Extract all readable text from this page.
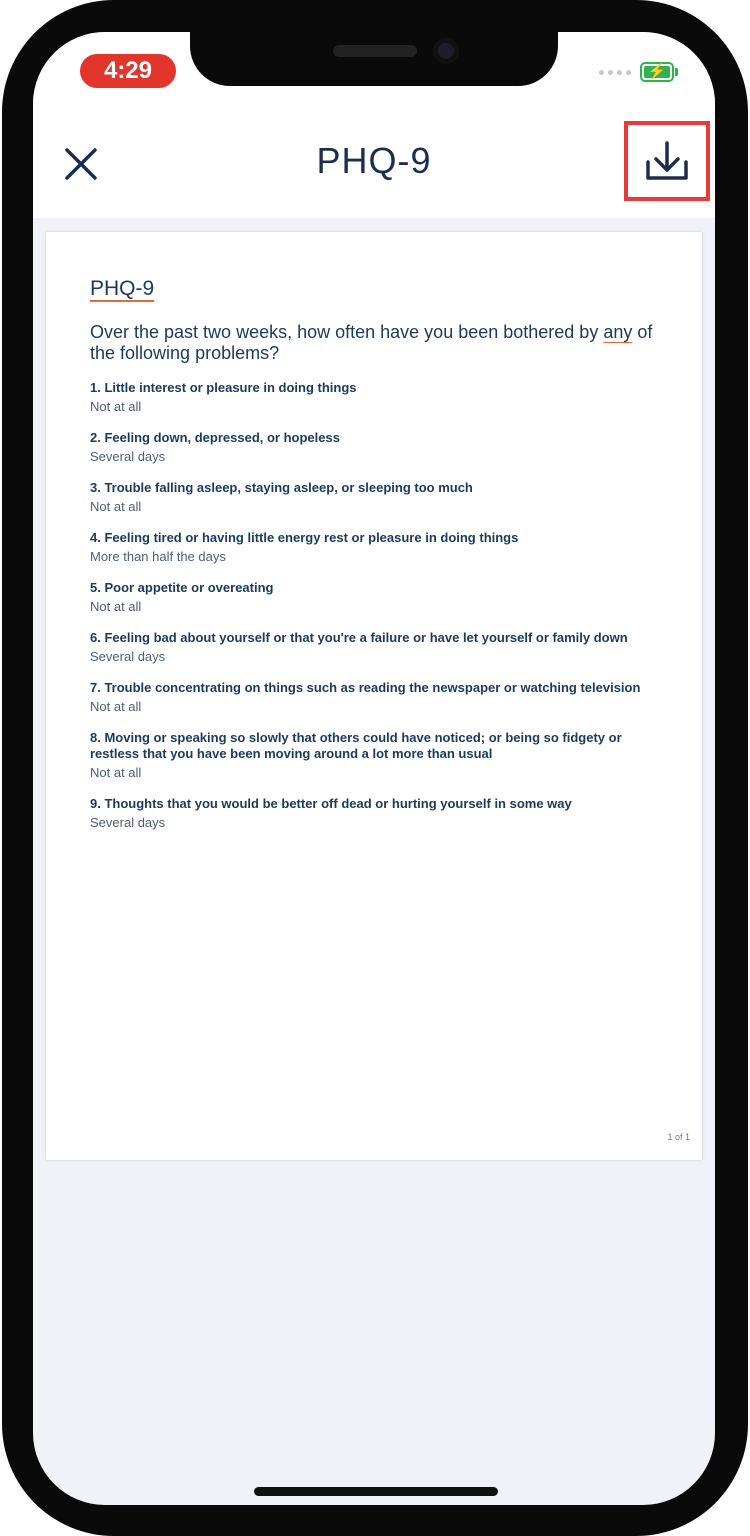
PHQ-9
4:29	⚡
PHQ-9
Over the past two weeks, how often have you been bothered by any of the following problems?
1. Little interest or pleasure in doing things
Not at all
2. Feeling down, depressed, or hopeless
Several days
3. Trouble falling asleep, staying asleep, or sleeping too much
Not at all
4. Feeling tired or having little energy rest or pleasure in doing things
More than half the days
5. Poor appetite or overeating
Not at all
6. Feeling bad about yourself or that you're a failure or have let yourself or family down
Several days
7. Trouble concentrating on things such as reading the newspaper or watching television
Not at all
8. Moving or speaking so slowly that others could have noticed; or being so fidgety or restless that you have been moving around a lot more than usual
Not at all
9. Thoughts that you would be better off dead or hurting yourself in some way
Several days
1 of 1
